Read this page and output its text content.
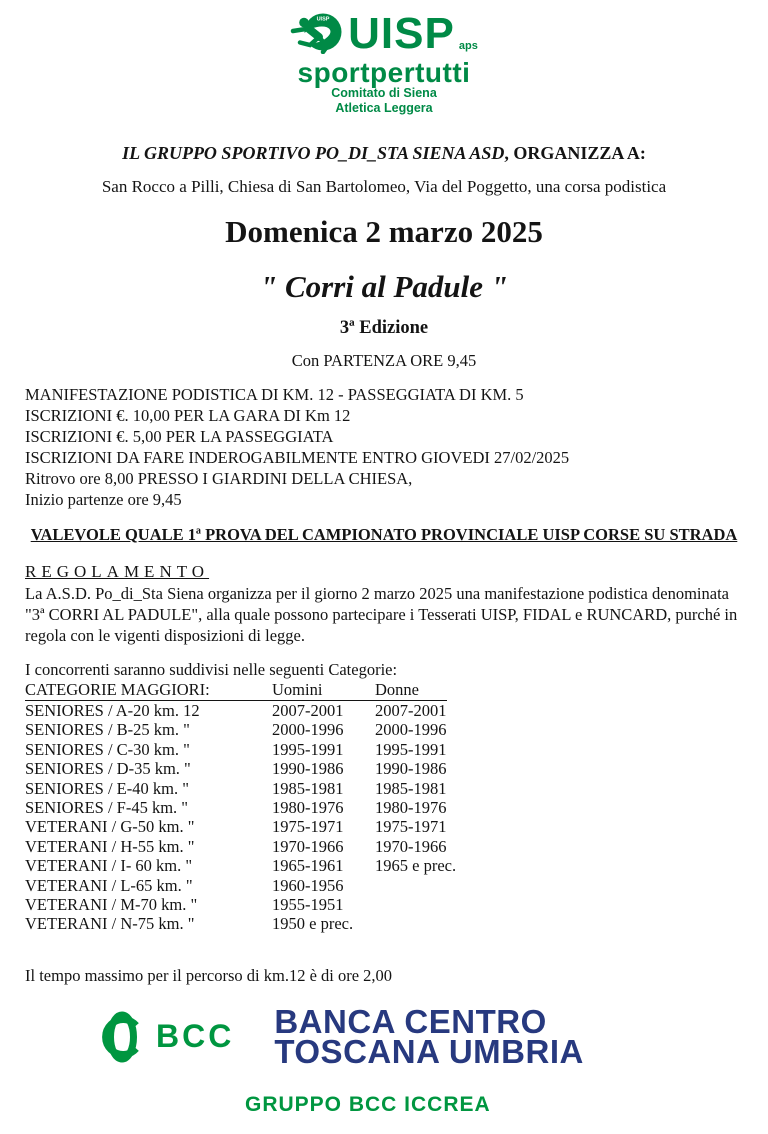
UISP UISP aps
sportpertutti
Comitato di Siena
Atletica Leggera
IL GRUPPO SPORTIVO PO_DI_STA SIENA ASD, ORGANIZZA A:
San Rocco a Pilli, Chiesa di San Bartolomeo, Via del Poggetto, una corsa podistica
Domenica 2 marzo 2025
" Corri al Padule "
3ª Edizione
Con PARTENZA ORE 9,45
MANIFESTAZIONE PODISTICA DI KM. 12 - PASSEGGIATA DI KM. 5
ISCRIZIONI €. 10,00 PER LA GARA DI Km 12
ISCRIZIONI €. 5,00 PER LA PASSEGGIATA
ISCRIZIONI DA FARE INDEROGABILMENTE ENTRO GIOVEDI 27/02/2025
Ritrovo ore 8,00 PRESSO I GIARDINI DELLA CHIESA,
Inizio partenze ore 9,45
VALEVOLE QUALE 1ª PROVA DEL CAMPIONATO PROVINCIALE UISP CORSE SU STRADA
REGOLAMENTO
La A.S.D. Po_di_Sta Siena organizza per il giorno 2 marzo 2025 una manifestazione podistica denominata "3ª CORRI AL PADULE", alla quale possono partecipare i Tesserati UISP, FIDAL e RUNCARD, purché in regola con le vigenti disposizioni di legge.
I concorrenti saranno suddivisi nelle seguenti Categorie:
CATEGORIE MAGGIORI:	Uomini	Donne
SENIORES / A-20 km. 12	2007-2001	2007-2001
SENIORES / B-25 km. "	2000-1996	2000-1996
SENIORES / C-30 km. "	1995-1991	1995-1991
SENIORES / D-35 km. "	1990-1986	1990-1986
SENIORES / E-40 km. "	1985-1981	1985-1981
SENIORES / F-45 km. "	1980-1976	1980-1976
VETERANI / G-50 km. "	1975-1971	1975-1971
VETERANI / H-55 km. "	1970-1966	1970-1966
VETERANI / I- 60 km. "	1965-1961	1965 e prec.
VETERANI / L-65 km. "	1960-1956
VETERANI / M-70 km. "	1955-1951
VETERANI / N-75 km. "	1950 e prec.
Il tempo massimo per il percorso di km.12 è di ore 2,00
BCC BANCA CENTRO
TOSCANA UMBRIA
GRUPPO BCC ICCREA
